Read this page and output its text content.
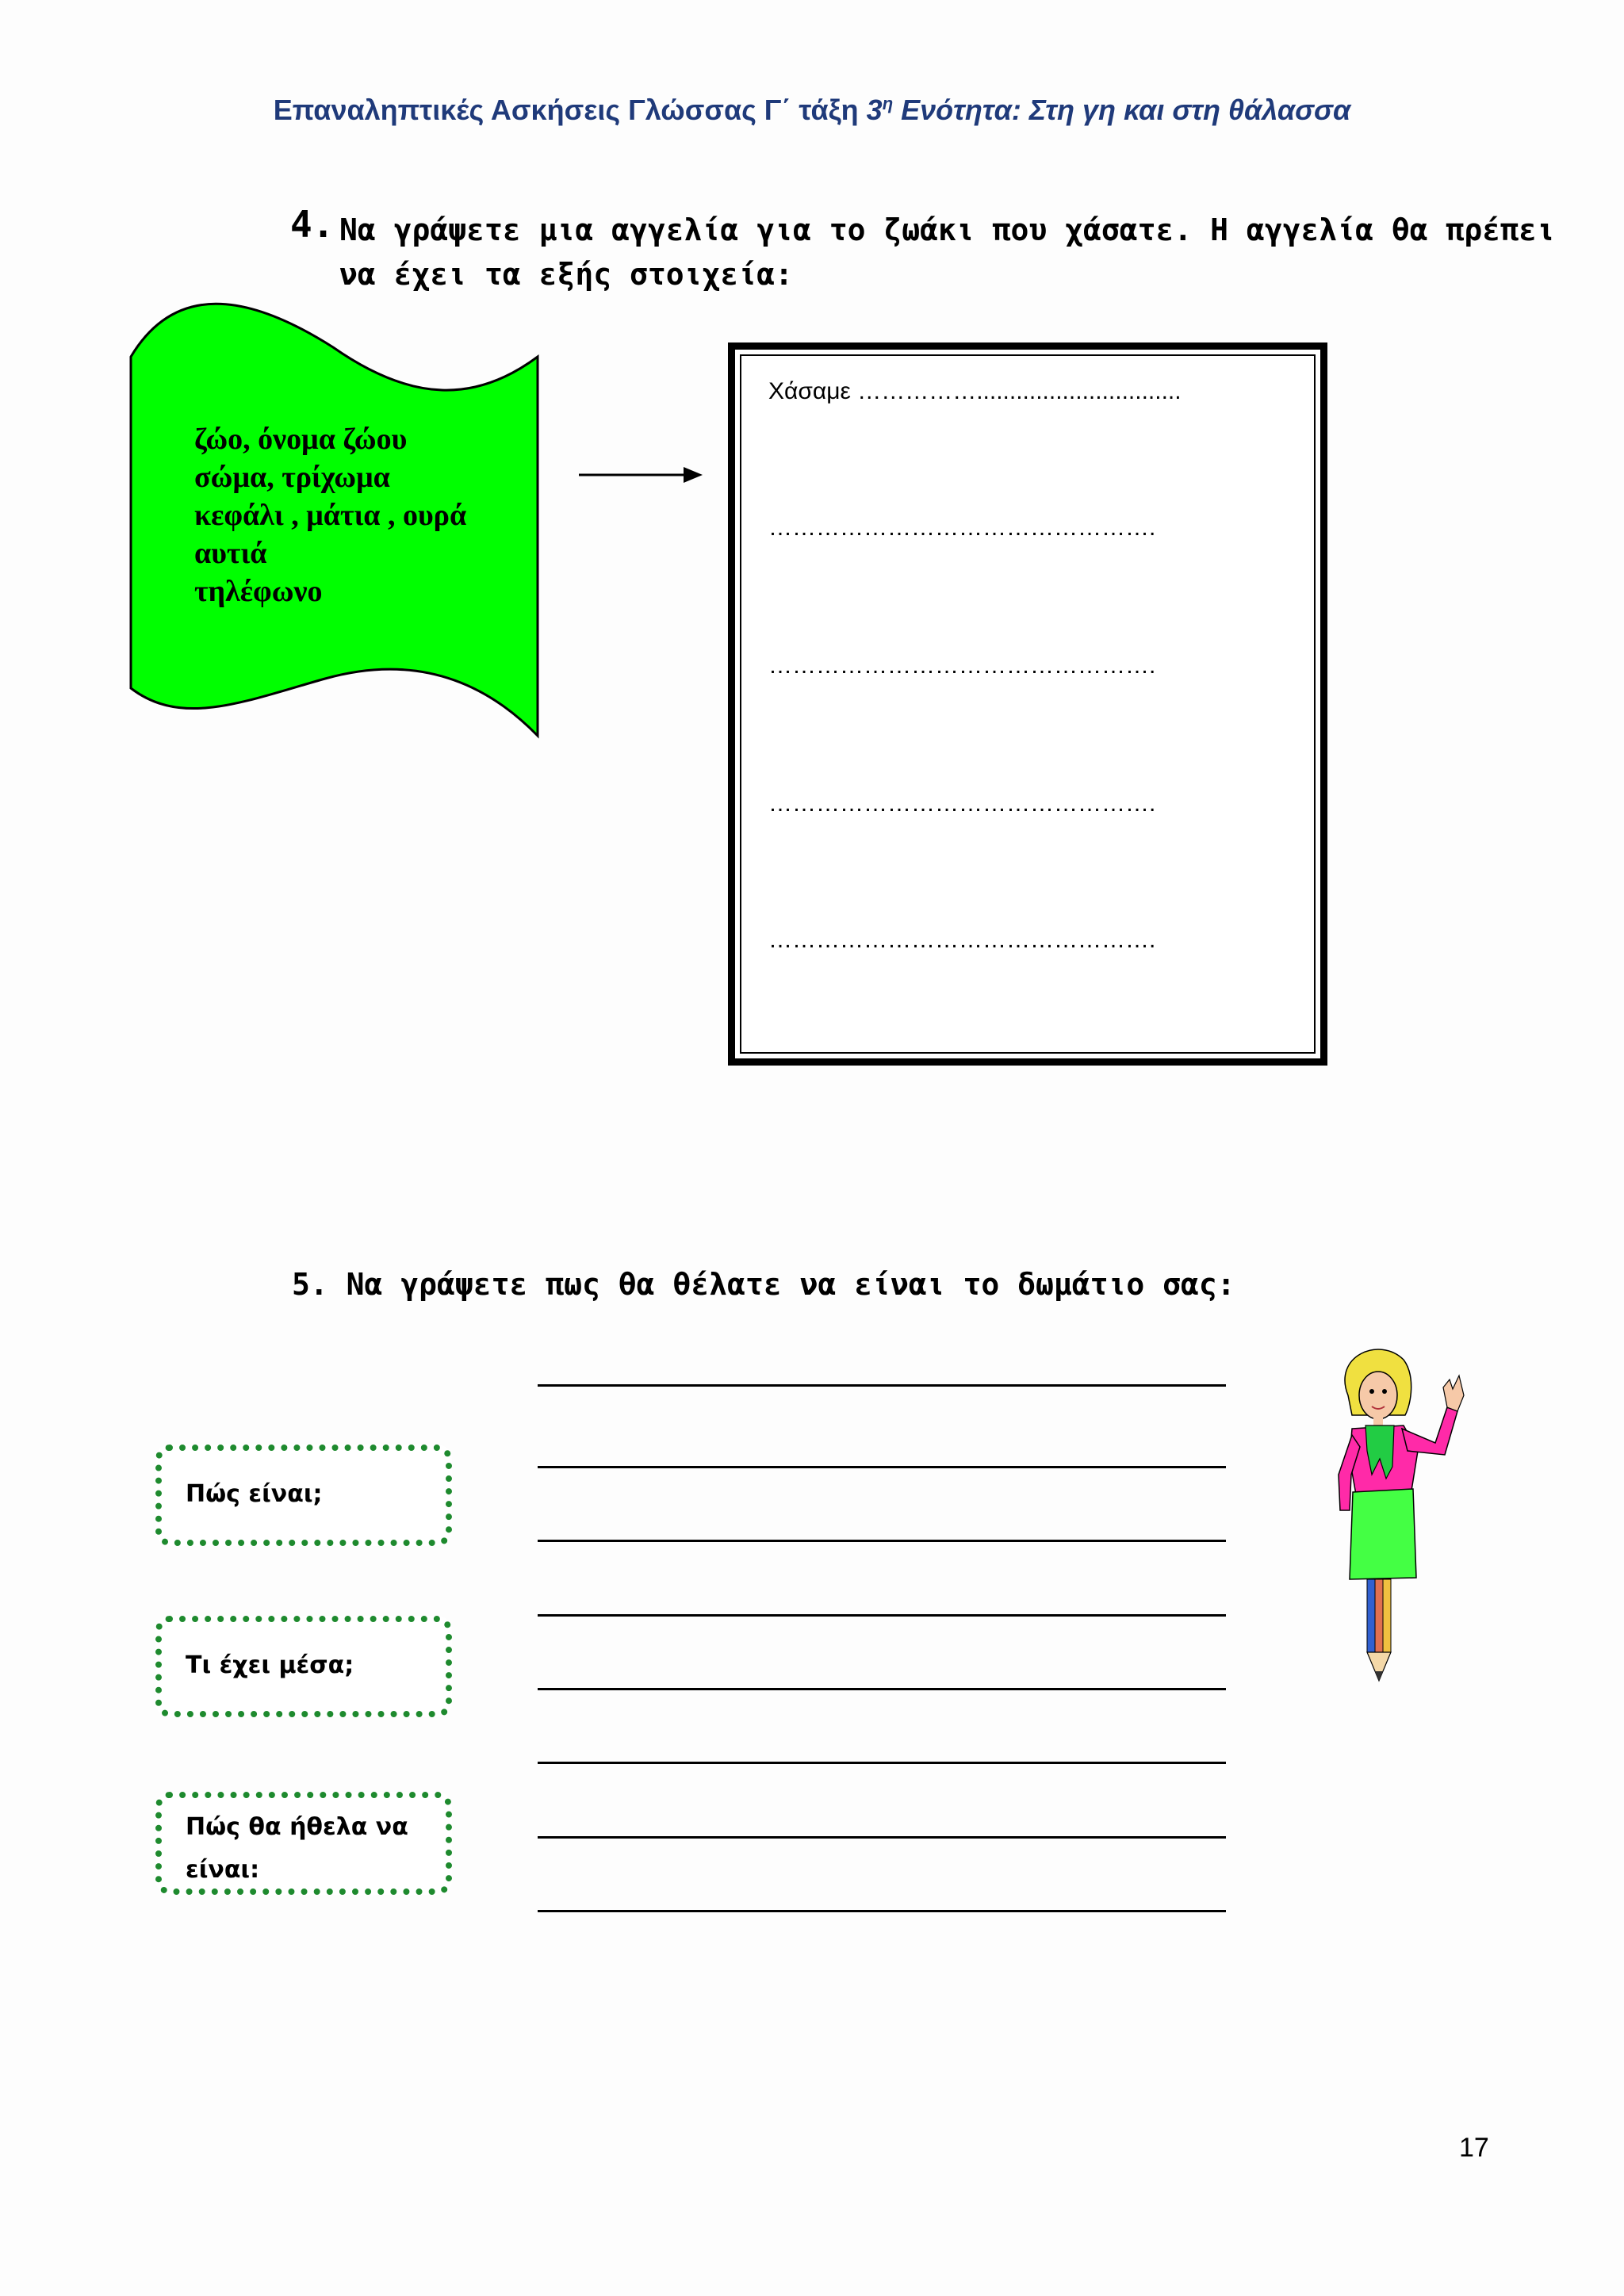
Επαναληπτικές Ασκήσεις Γλώσσας Γ΄ τάξη $3^\eta$ Ενότητα: Στη γη και στη θάλασσα
4. Να γράψετε μια αγγελία για το ζωάκι που χάσατε. Η αγγελία θα πρέπει
να έχει τα εξής στοιχεία:
ζώο, όνομα ζώου
σώμα, τρίχωμα
κεφάλι , μάτια , ουρά
αυτιά
τηλέφωνο
Χάσαμε ……………...............................
………………………………………….
………………………………………….
………………………………………….
………………………………………….
5. Να γράψετε πως θα θέλατε να είναι το δωμάτιο σας:
Πώς είναι;
Τι έχει μέσα;
Πώς θα ήθελα να είναι:
17
